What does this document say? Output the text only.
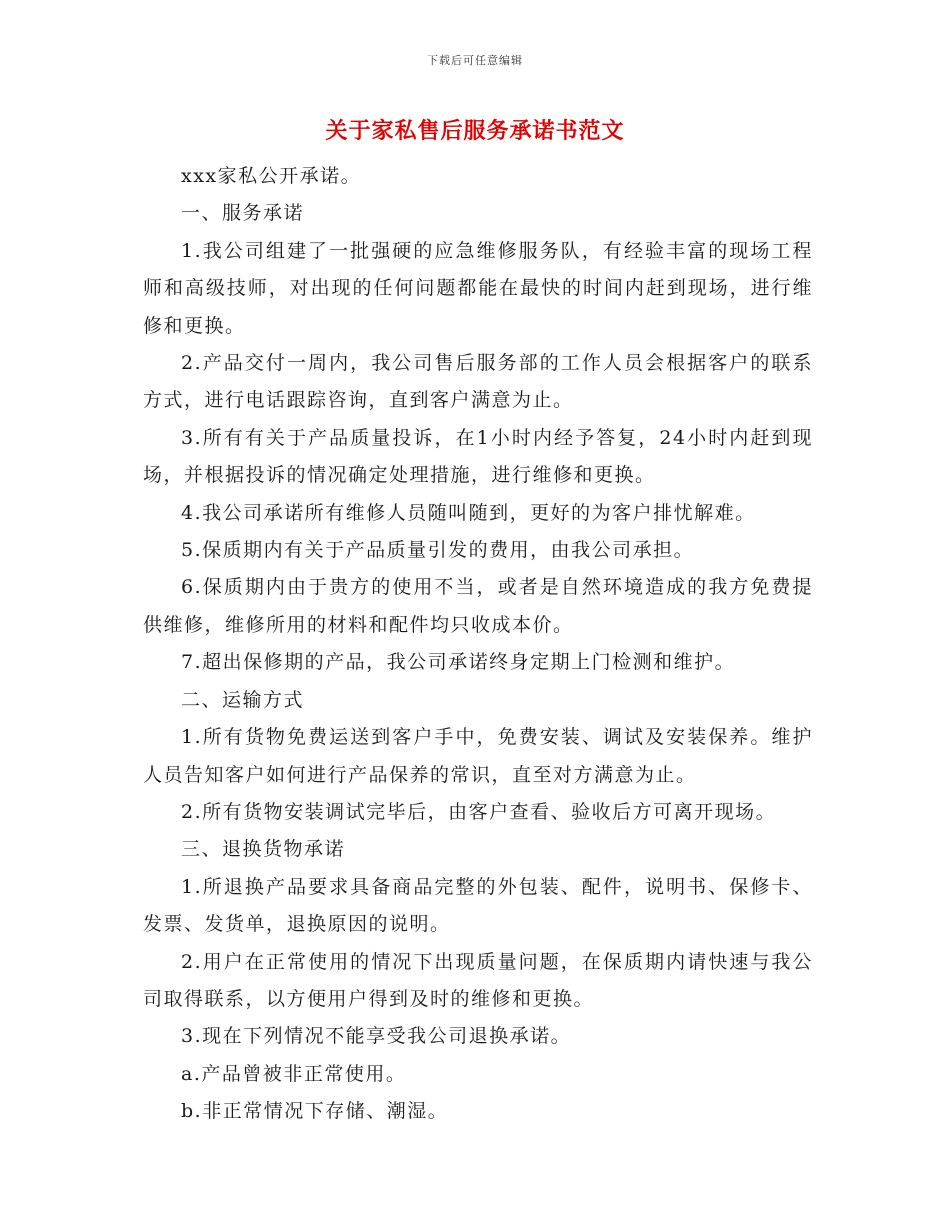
下载后可任意编辑
关于家私售后服务承诺书范文

xxx家私公开承诺。

一、服务承诺

1.我公司组建了一批强硬的应急维修服务队，有经验丰富的现场工程师和高级技师，对出现的任何问题都能在最快的时间内赶到现场，进行维修和更换。

2.产品交付一周内，我公司售后服务部的工作人员会根据客户的联系方式，进行电话跟踪咨询，直到客户满意为止。

3.所有有关于产品质量投诉，在1小时内经予答复，24小时内赶到现场，并根据投诉的情况确定处理措施，进行维修和更换。

4.我公司承诺所有维修人员随叫随到，更好的为客户排忧解难。

5.保质期内有关于产品质量引发的费用，由我公司承担。

6.保质期内由于贵方的使用不当，或者是自然环境造成的我方免费提供维修，维修所用的材料和配件均只收成本价。

7.超出保修期的产品，我公司承诺终身定期上门检测和维护。

二、运输方式

1.所有货物免费运送到客户手中，免费安装、调试及安装保养。维护人员告知客户如何进行产品保养的常识，直至对方满意为止。

2.所有货物安装调试完毕后，由客户查看、验收后方可离开现场。

三、退换货物承诺

1.所退换产品要求具备商品完整的外包装、配件，说明书、保修卡、发票、发货单，退换原因的说明。

2.用户在正常使用的情况下出现质量问题，在保质期内请快速与我公司取得联系，以方便用户得到及时的维修和更换。

3.现在下列情况不能享受我公司退换承诺。

a.产品曾被非正常使用。

b.非正常情况下存储、潮湿。
